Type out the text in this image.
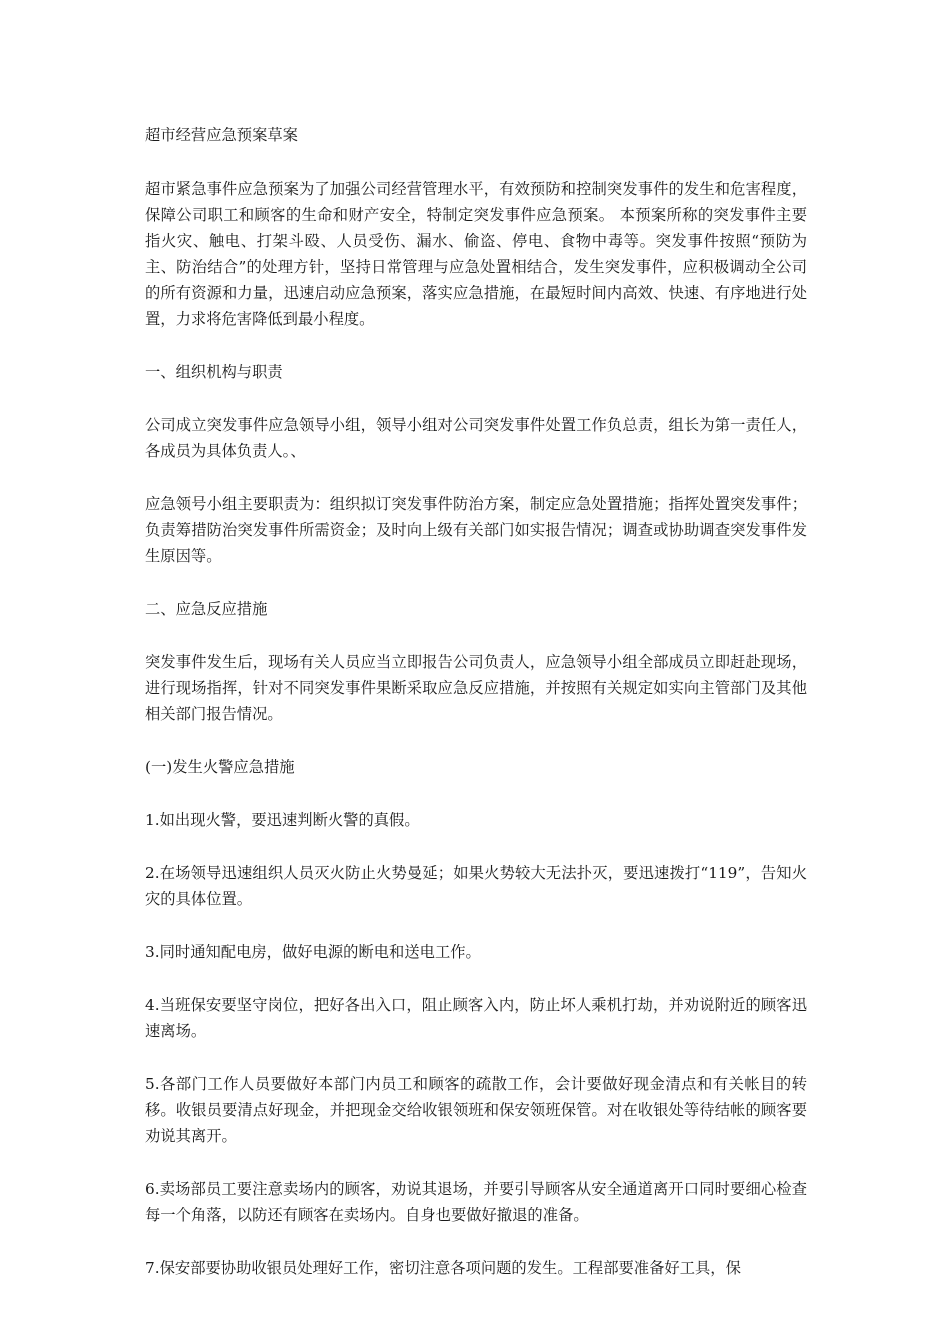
超市经营应急预案草案

超市紧急事件应急预案为了加强公司经营管理水平，有效预防和控制突发事件的发生和危害程度，保障公司职工和顾客的生命和财产安全，特制定突发事件应急预案。 本预案所称的突发事件主要指火灾、触电、打架斗殴、人员受伤、漏水、偷盗、停电、食物中毒等。突发事件按照“预防为主、防治结合”的处理方针，坚持日常管理与应急处置相结合，发生突发事件，应积极调动全公司的所有资源和力量，迅速启动应急预案，落实应急措施，在最短时间内高效、快速、有序地进行处置，力求将危害降低到最小程度。

一、组织机构与职责

公司成立突发事件应急领导小组，领导小组对公司突发事件处置工作负总责，组长为第一责任人，各成员为具体负责人。、

应急领号小组主要职责为：组织拟订突发事件防治方案，制定应急处置措施；指挥处置突发事件；负责筹措防治突发事件所需资金；及时向上级有关部门如实报告情况；调查或协助调查突发事件发生原因等。

二、应急反应措施

突发事件发生后，现场有关人员应当立即报告公司负责人，应急领导小组全部成员立即赶赴现场，进行现场指挥，针对不同突发事件果断采取应急反应措施，并按照有关规定如实向主管部门及其他相关部门报告情况。

(一)发生火警应急措施

1.如出现火警，要迅速判断火警的真假。

2.在场领导迅速组织人员灭火防止火势曼延；如果火势较大无法扑灭，要迅速拨打“119”，告知火灾的具体位置。

3.同时通知配电房，做好电源的断电和送电工作。

4.当班保安要坚守岗位，把好各出入口，阻止顾客入内，防止坏人乘机打劫，并劝说附近的顾客迅速离场。

5.各部门工作人员要做好本部门内员工和顾客的疏散工作，会计要做好现金清点和有关帐目的转移。收银员要清点好现金，并把现金交给收银领班和保安领班保管。对在收银处等待结帐的顾客要劝说其离开。

6.卖场部员工要注意卖场内的顾客，劝说其退场，并要引导顾客从安全通道离开口同时要细心检查每一个角落，以防还有顾客在卖场内。自身也要做好撤退的准备。

7.保安部要协助收银员处理好工作，密切注意各项问题的发生。工程部要准备好工具，保
